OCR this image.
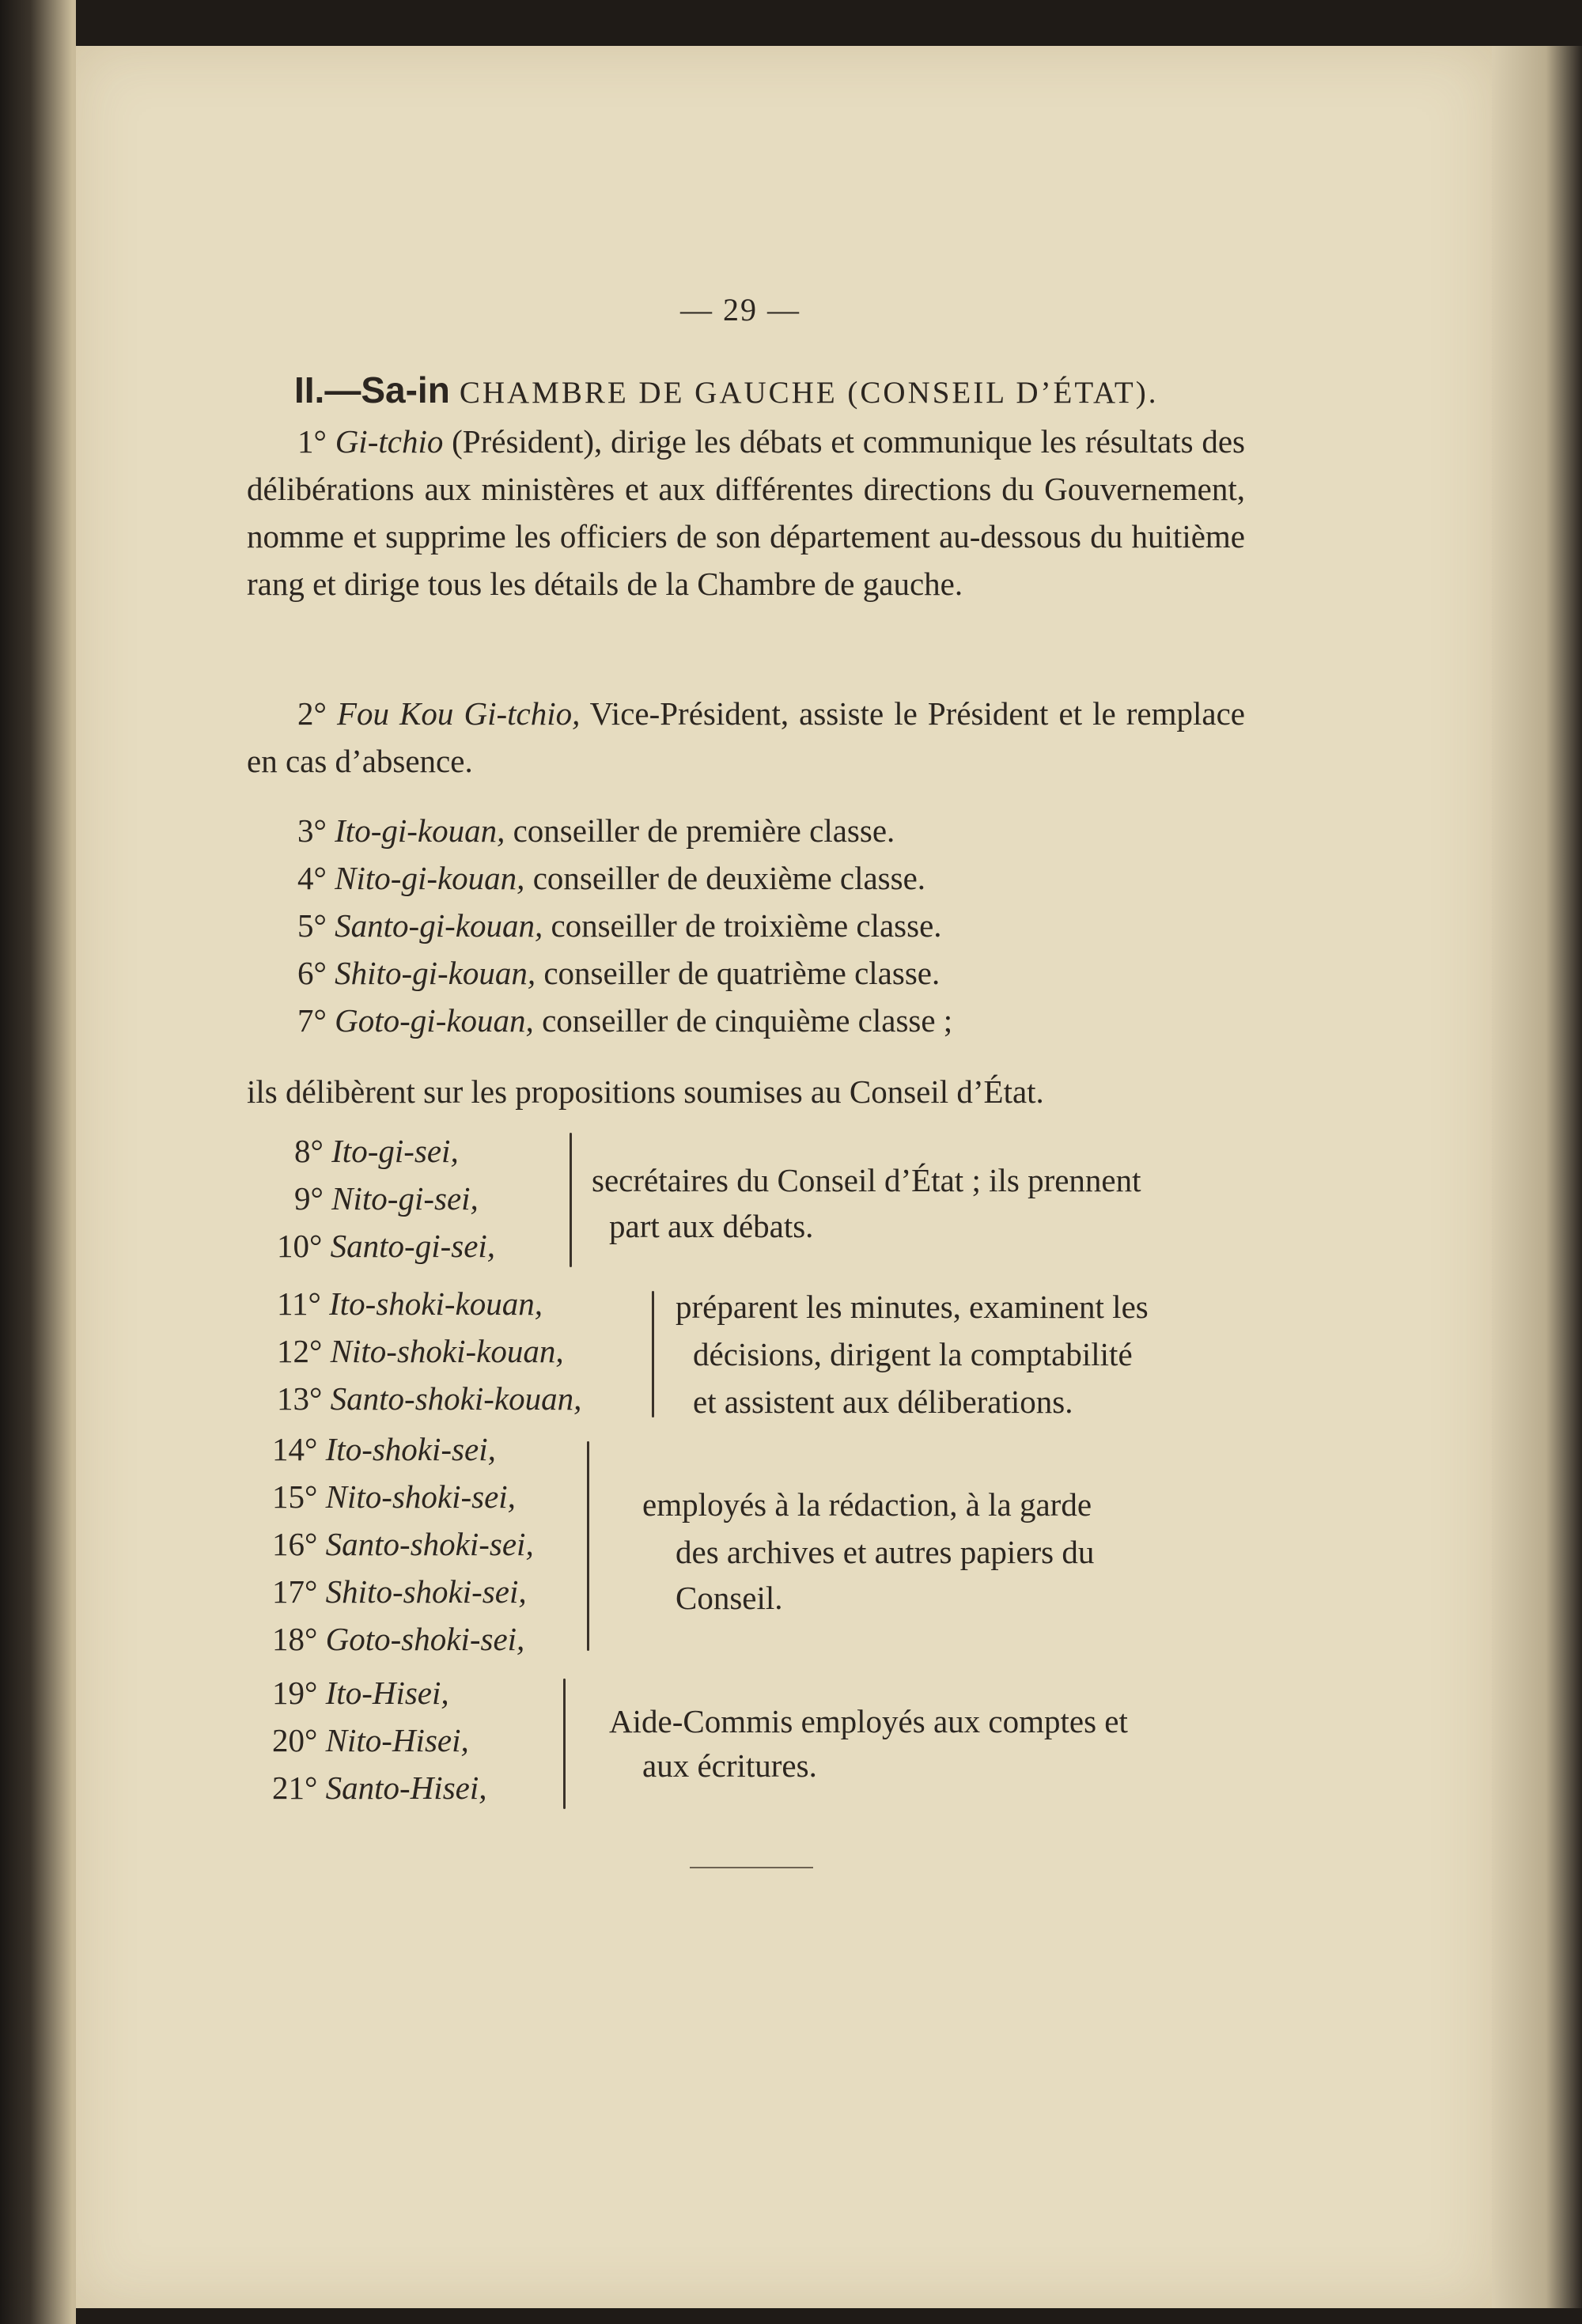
— 29 —
II.—Sa-in CHAMBRE DE GAUCHE (CONSEIL D’ÉTAT).
1° Gi-tchio (Président), dirige les débats et communique les résultats des délibérations aux ministères et aux différentes directions du Gouvernement, nomme et supprime les officiers de son département au-dessous du huitième rang et dirige tous les détails de la Chambre de gauche.
2° Fou Kou Gi-tchio, Vice-Président, assiste le Président et le remplace en cas d’absence.
3° Ito-gi-kouan, conseiller de première classe.
4° Nito-gi-kouan, conseiller de deuxième classe.
5° Santo-gi-kouan, conseiller de troixième classe.
6° Shito-gi-kouan, conseiller de quatrième classe.
7° Goto-gi-kouan, conseiller de cinquième classe ;
ils délibèrent sur les propositions soumises au Conseil d’État.
8° Ito-gi-sei,
9° Nito-gi-sei,
10° Santo-gi-sei,
secrétaires du Conseil d’État ; ils prennent
part aux débats.
11° Ito-shoki-kouan,
12° Nito-shoki-kouan,
13° Santo-shoki-kouan,
préparent les minutes, examinent les
décisions, dirigent la comptabilité
et assistent aux déliberations.
14° Ito-shoki-sei,
15° Nito-shoki-sei,
16° Santo-shoki-sei,
17° Shito-shoki-sei,
18° Goto-shoki-sei,
employés à la rédaction, à la garde
des archives et autres papiers du
Conseil.
19° Ito-Hisei,
20° Nito-Hisei,
21° Santo-Hisei,
Aide-Commis employés aux comptes et
aux écritures.
